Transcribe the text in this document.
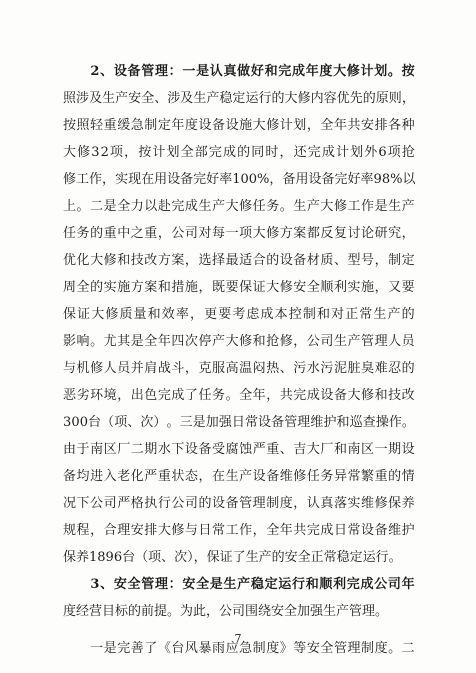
2 、 设 备 管 理 ： 一 是 认 真 做 好 和 完 成 年 度 大 修 计 划 。 按
照 涉 及 生 产 安 全 、 涉 及 生 产 稳 定 运 行 的 大 修 内 容 优 先 的 原 则 ，
按 照 轻 重 缓 急 制 定 年 度 设 备 设 施 大 修 计 划 ， 全 年 共 安 排 各 种
大 修 3 2 项 ， 按 计 划 全 部 完 成 的 同 时 ， 还 完 成 计 划 外 6 项 抢
修 工 作 ， 实 现 在 用 设 备 完 好 率 1 0 0 % ， 备 用 设 备 完 好 率 9 8 % 以
上 。 二 是 全 力 以 赴 完 成 生 产 大 修 任 务 。 生 产 大 修 工 作 是 生 产
任 务 的 重 中 之 重 ， 公 司 对 每 一 项 大 修 方 案 都 反 复 讨 论 研 究 ，
优 化 大 修 和 技 改 方 案 ， 选 择 最 适 合 的 设 备 材 质 、 型 号 ， 制 定
周 全 的 实 施 方 案 和 措 施 ， 既 要 保 证 大 修 安 全 顺 利 实 施 ， 又 要
保 证 大 修 质 量 和 效 率 ， 更 要 考 虑 成 本 控 制 和 对 正 常 生 产 的
影 响 。 尤 其 是 全 年 四 次 停 产 大 修 和 抢 修 ， 公 司 生 产 管 理 人 员
与 机 修 人 员 并 肩 战 斗 ， 克 服 高 温 闷 热 、 污 水 污 泥 脏 臭 难 忍 的
恶 劣 环 境 ， 出 色 完 成 了 任 务 。 全 年 ， 共 完 成 设 备 大 修 和 技 改
3 0 0 台 （ 项 、 次 ） 。 三 是 加 强 日 常 设 备 管 理 维 护 和 巡 查 操 作 。
由 于 南 区 厂 二 期 水 下 设 备 受 腐 蚀 严 重 、 吉 大 厂 和 南 区 一 期 设
备 均 进 入 老 化 严 重 状 态 ， 在 生 产 设 备 维 修 任 务 异 常 繁 重 的 情
况 下 公 司 严 格 执 行 公 司 的 设 备 管 理 制 度 ， 认 真 落 实 维 修 保 养
规 程 ， 合 理 安 排 大 修 与 日 常 工 作 ， 全 年 共 完 成 日 常 设 备 维 护
保养1896台（项、次），保证了生产的安全正常稳定运行。

3 、 安 全 管 理 ： 安 全 是 生 产 稳 定 运 行 和 顺 利 完 成 公 司 年
度经营目标的前提。为此，公司围绕安全加强生产管理。

一 是 完 善 了 《 台 风 暴 雨 应 急 制 度 》 等 安 全 管 理 制 度 。 二
7
